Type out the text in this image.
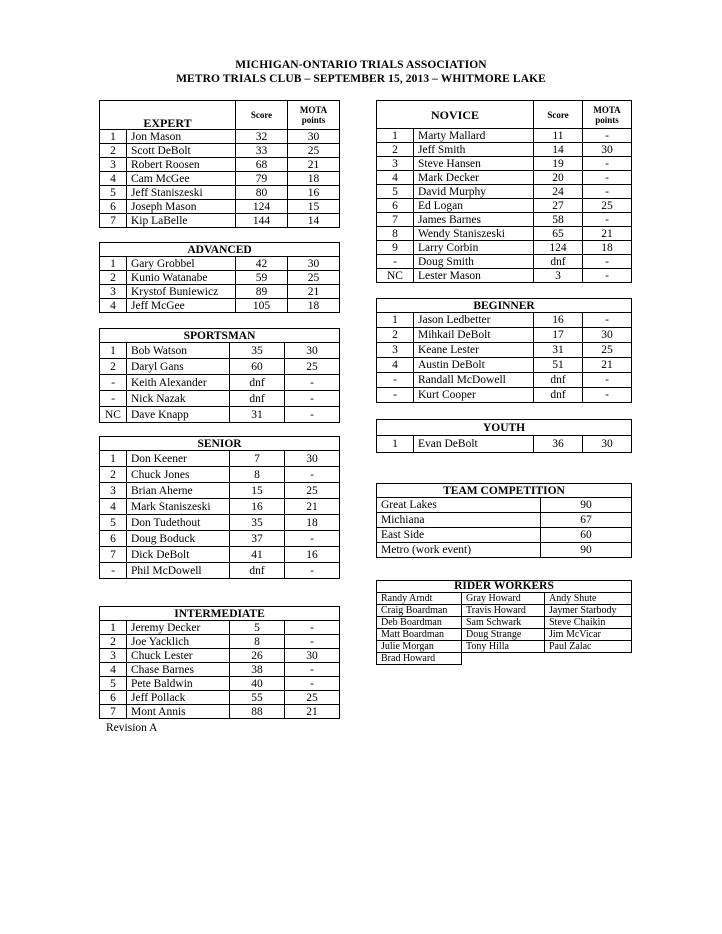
MICHIGAN-ONTARIO TRIALS ASSOCIATION
METRO TRIALS CLUB – SEPTEMBER 15, 2013 – WHITMORE LAKE
EXPERT		Score	MOTA
points
1	Jon Mason	32	30
2	Scott DeBolt	33	25
3	Robert Roosen	68	21
4	Cam McGee	79	18
5	Jeff Staniszeski	80	16
6	Joseph Mason	124	15
7	Kip LaBelle	144	14
ADVANCED			
1	Gary Grobbel	42	30
2	Kunio Watanabe	59	25
3	Krystof Buniewicz	89	21
4	Jeff McGee	105	18
SPORTSMAN			
1	Bob Watson	35	30
2	Daryl Gans	60	25
-	Keith Alexander	dnf	-
-	Nick Nazak	dnf	-
NC	Dave Knapp	31	-
SENIOR			
1	Don Keener	7	30
2	Chuck Jones	8	-
3	Brian Aherne	15	25
4	Mark Staniszeski	16	21
5	Don Tudethout	35	18
6	Doug Boduck	37	-
7	Dick DeBolt	41	16
-	Phil McDowell	dnf	-
INTERMEDIATE			
1	Jeremy Decker	5	-
2	Joe Yacklich	8	-
3	Chuck Lester	26	30
4	Chase Barnes	38	-
5	Pete Baldwin	40	-
6	Jeff Pollack	55	25
7	Mont Annis	88	21
Revision A
NOVICE		Score	MOTA
points
1	Marty Mallard	11	-
2	Jeff Smith	14	30
3	Steve Hansen	19	-
4	Mark Decker	20	-
5	David Murphy	24	-
6	Ed Logan	27	25
7	James Barnes	58	-
8	Wendy Staniszeski	65	21
9	Larry Corbin	124	18
-	Doug Smith	dnf	-
NC	Lester Mason	3	-
BEGINNER			
1	Jason Ledbetter	16	-
2	Mihkail DeBolt	17	30
3	Keane Lester	31	25
4	Austin DeBolt	51	21
-	Randall McDowell	dnf	-
-	Kurt Cooper	dnf	-
YOUTH
1	Evan DeBolt	36	30
TEAM COMPETITION	
Great Lakes	90
Michiana	67
East Side	60
Metro (work event)	90
RIDER WORKERS		
Randy Arndt	Gray Howard	Andy Shute
Craig Boardman	Travis Howard	Jaymer Starbody
Deb Boardman	Sam Schwark	Steve Chaikin
Matt Boardman	Doug Strange	Jim McVicar
Julie Morgan	Tony Hilla	Paul Zalac
Brad Howard		
